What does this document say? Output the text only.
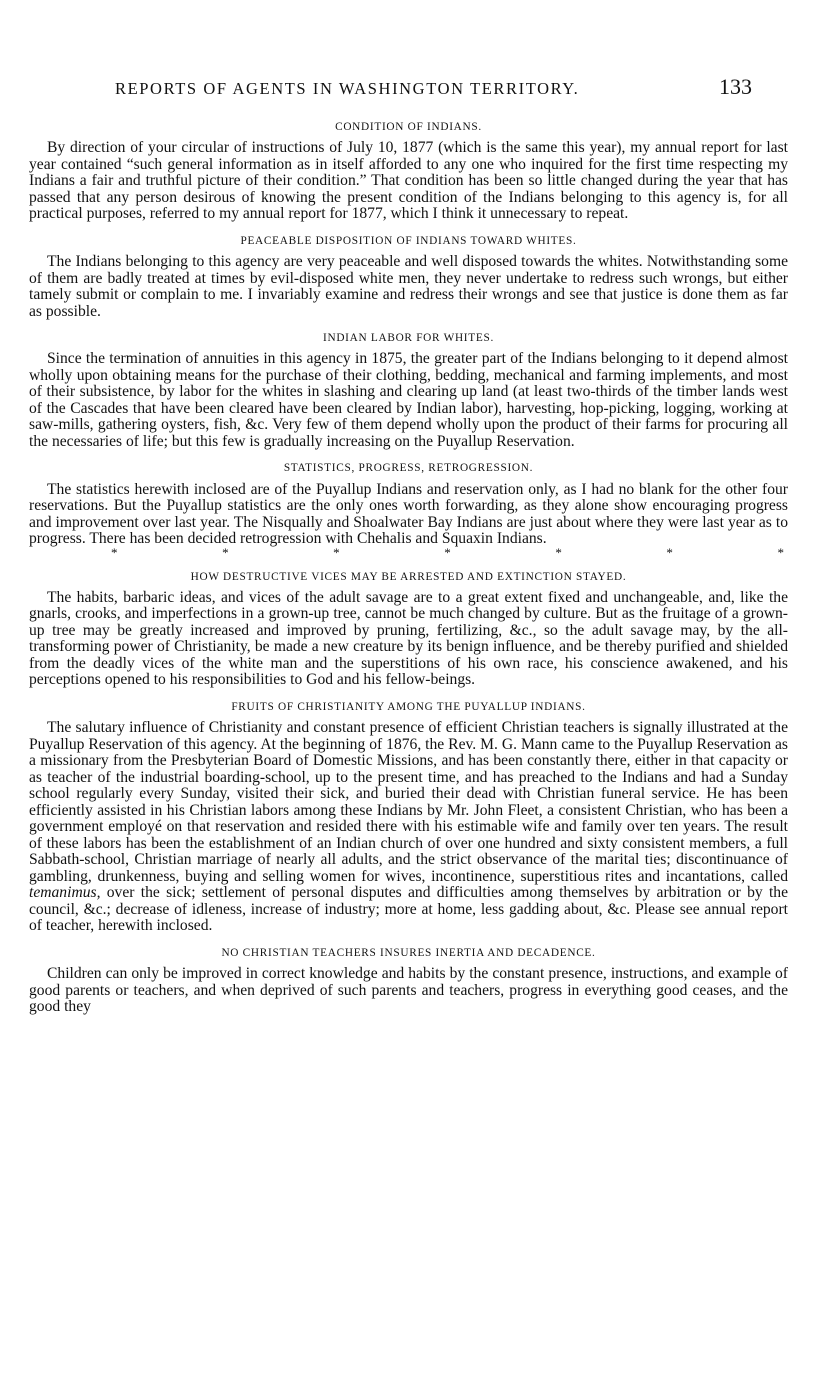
REPORTS OF AGENTS IN WASHINGTON TERRITORY.	133
CONDITION OF INDIANS.

By direction of your circular of instructions of July 10, 1877 (which is the same this year), my annual report for last year contained “such general information as in itself afforded to any one who inquired for the first time respecting my Indians a fair and truthful picture of their condition.” That condition has been so little changed during the year that has passed that any person desirous of knowing the present condition of the Indians belonging to this agency is, for all practical purposes, referred to my annual report for 1877, which I think it unnecessary to repeat.

PEACEABLE DISPOSITION OF INDIANS TOWARD WHITES.

The Indians belonging to this agency are very peaceable and well disposed towards the whites. Notwithstanding some of them are badly treated at times by evil-disposed white men, they never undertake to redress such wrongs, but either tamely submit or complain to me. I invariably examine and redress their wrongs and see that justice is done them as far as possible.

INDIAN LABOR FOR WHITES.

Since the termination of annuities in this agency in 1875, the greater part of the Indians belonging to it depend almost wholly upon obtaining means for the purchase of their clothing, bedding, mechanical and farming implements, and most of their subsistence, by labor for the whites in slashing and clearing up land (at least two-thirds of the timber lands west of the Cascades that have been cleared have been cleared by Indian labor), harvesting, hop-picking, logging, working at saw-mills, gathering oysters, fish, &c. Very few of them depend wholly upon the product of their farms for procuring all the necessaries of life; but this few is gradually increasing on the Puyallup Reservation.

STATISTICS, PROGRESS, RETROGRESSION.

The statistics herewith inclosed are of the Puyallup Indians and reservation only, as I had no blank for the other four reservations. But the Puyallup statistics are the only ones worth forwarding, as they alone show encouraging progress and improvement over last year. The Nisqually and Shoalwater Bay Indians are just about where they were last year as to progress. There has been decided retrogression with Chehalis and Squaxin Indians.

*	*	*	*	*	*	*
HOW DESTRUCTIVE VICES MAY BE ARRESTED AND EXTINCTION STAYED.

The habits, barbaric ideas, and vices of the adult savage are to a great extent fixed and unchangeable, and, like the gnarls, crooks, and imperfections in a grown-up tree, cannot be much changed by culture. But as the fruitage of a grown-up tree may be greatly increased and improved by pruning, fertilizing, &c., so the adult savage may, by the all-transforming power of Christianity, be made a new creature by its benign influence, and be thereby purified and shielded from the deadly vices of the white man and the superstitions of his own race, his conscience awakened, and his perceptions opened to his responsibilities to God and his fellow-beings.

FRUITS OF CHRISTIANITY AMONG THE PUYALLUP INDIANS.

The salutary influence of Christianity and constant presence of efficient Christian teachers is signally illustrated at the Puyallup Reservation of this agency. At the beginning of 1876, the Rev. M. G. Mann came to the Puyallup Reservation as a missionary from the Presbyterian Board of Domestic Missions, and has been constantly there, either in that capacity or as teacher of the industrial boarding-school, up to the present time, and has preached to the Indians and had a Sunday school regularly every Sunday, visited their sick, and buried their dead with Christian funeral service. He has been efficiently assisted in his Christian labors among these Indians by Mr. John Fleet, a consistent Christian, who has been a government employé on that reservation and resided there with his estimable wife and family over ten years. The result of these labors has been the establishment of an Indian church of over one hundred and sixty consistent members, a full Sabbath-school, Christian marriage of nearly all adults, and the strict observance of the marital ties; discontinuance of gambling, drunkenness, buying and selling women for wives, incontinence, superstitious rites and incantations, called temanimus, over the sick; settlement of personal disputes and difficulties among themselves by arbitration or by the council, &c.; decrease of idleness, increase of industry; more at home, less gadding about, &c. Please see annual report of teacher, herewith inclosed.

NO CHRISTIAN TEACHERS INSURES INERTIA AND DECADENCE.

Children can only be improved in correct knowledge and habits by the constant presence, instructions, and example of good parents or teachers, and when deprived of such parents and teachers, progress in everything good ceases, and the good they
